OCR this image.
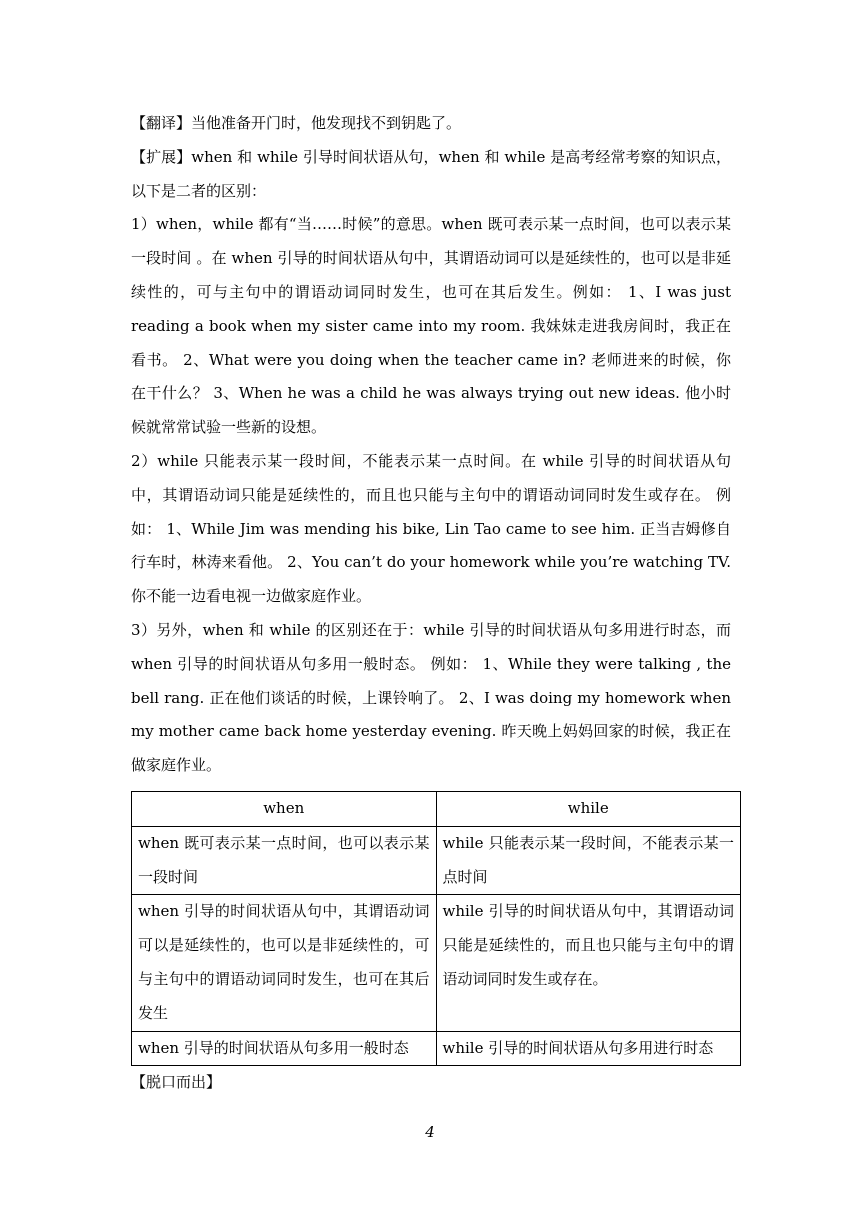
【翻译】当他准备开门时，他发现找不到钥匙了。

【扩展】when 和 while 引导时间状语从句，when 和 while 是高考经常考察的知识点，以下是二者的区别：

1）when，while 都有“当……时候”的意思。when 既可表示某一点时间，也可以表示某一段时间 。在 when 引导的时间状语从句中，其谓语动词可以是延续性的，也可以是非延续性的，可与主句中的谓语动词同时发生，也可在其后发生。例如： 1、I was just reading a book when my sister came into my room. 我妹妹走进我房间时，我正在看书。 2、What were you doing when the teacher came in? 老师进来的时候，你在干什么？ 3、When he was a child he was always trying out new ideas. 他小时候就常常试验一些新的设想。

2）while 只能表示某一段时间，不能表示某一点时间。在 while 引导的时间状语从句中，其谓语动词只能是延续性的，而且也只能与主句中的谓语动词同时发生或存在。 例如： 1、While Jim was mending his bike, Lin Tao came to see him. 正当吉姆修自行车时，林涛来看他。 2、You can’t do your homework while you’re watching TV. 你不能一边看电视一边做家庭作业。

3）另外，when 和 while 的区别还在于：while 引导的时间状语从句多用进行时态，而 when 引导的时间状语从句多用一般时态。 例如： 1、While they were talking , the bell rang. 正在他们谈话的时候，上课铃响了。 2、I was doing my homework when my mother came back home yesterday evening. 昨天晚上妈妈回家的时候，我正在做家庭作业。

when	while
when 既可表示某一点时间，也可以表示某一段时间	while 只能表示某一段时间，不能表示某一点时间
when 引导的时间状语从句中，其谓语动词可以是延续性的，也可以是非延续性的，可与主句中的谓语动词同时发生，也可在其后发生	while 引导的时间状语从句中，其谓语动词只能是延续性的，而且也只能与主句中的谓语动词同时发生或存在。
when 引导的时间状语从句多用一般时态	while 引导的时间状语从句多用进行时态

【脱口而出】

4
